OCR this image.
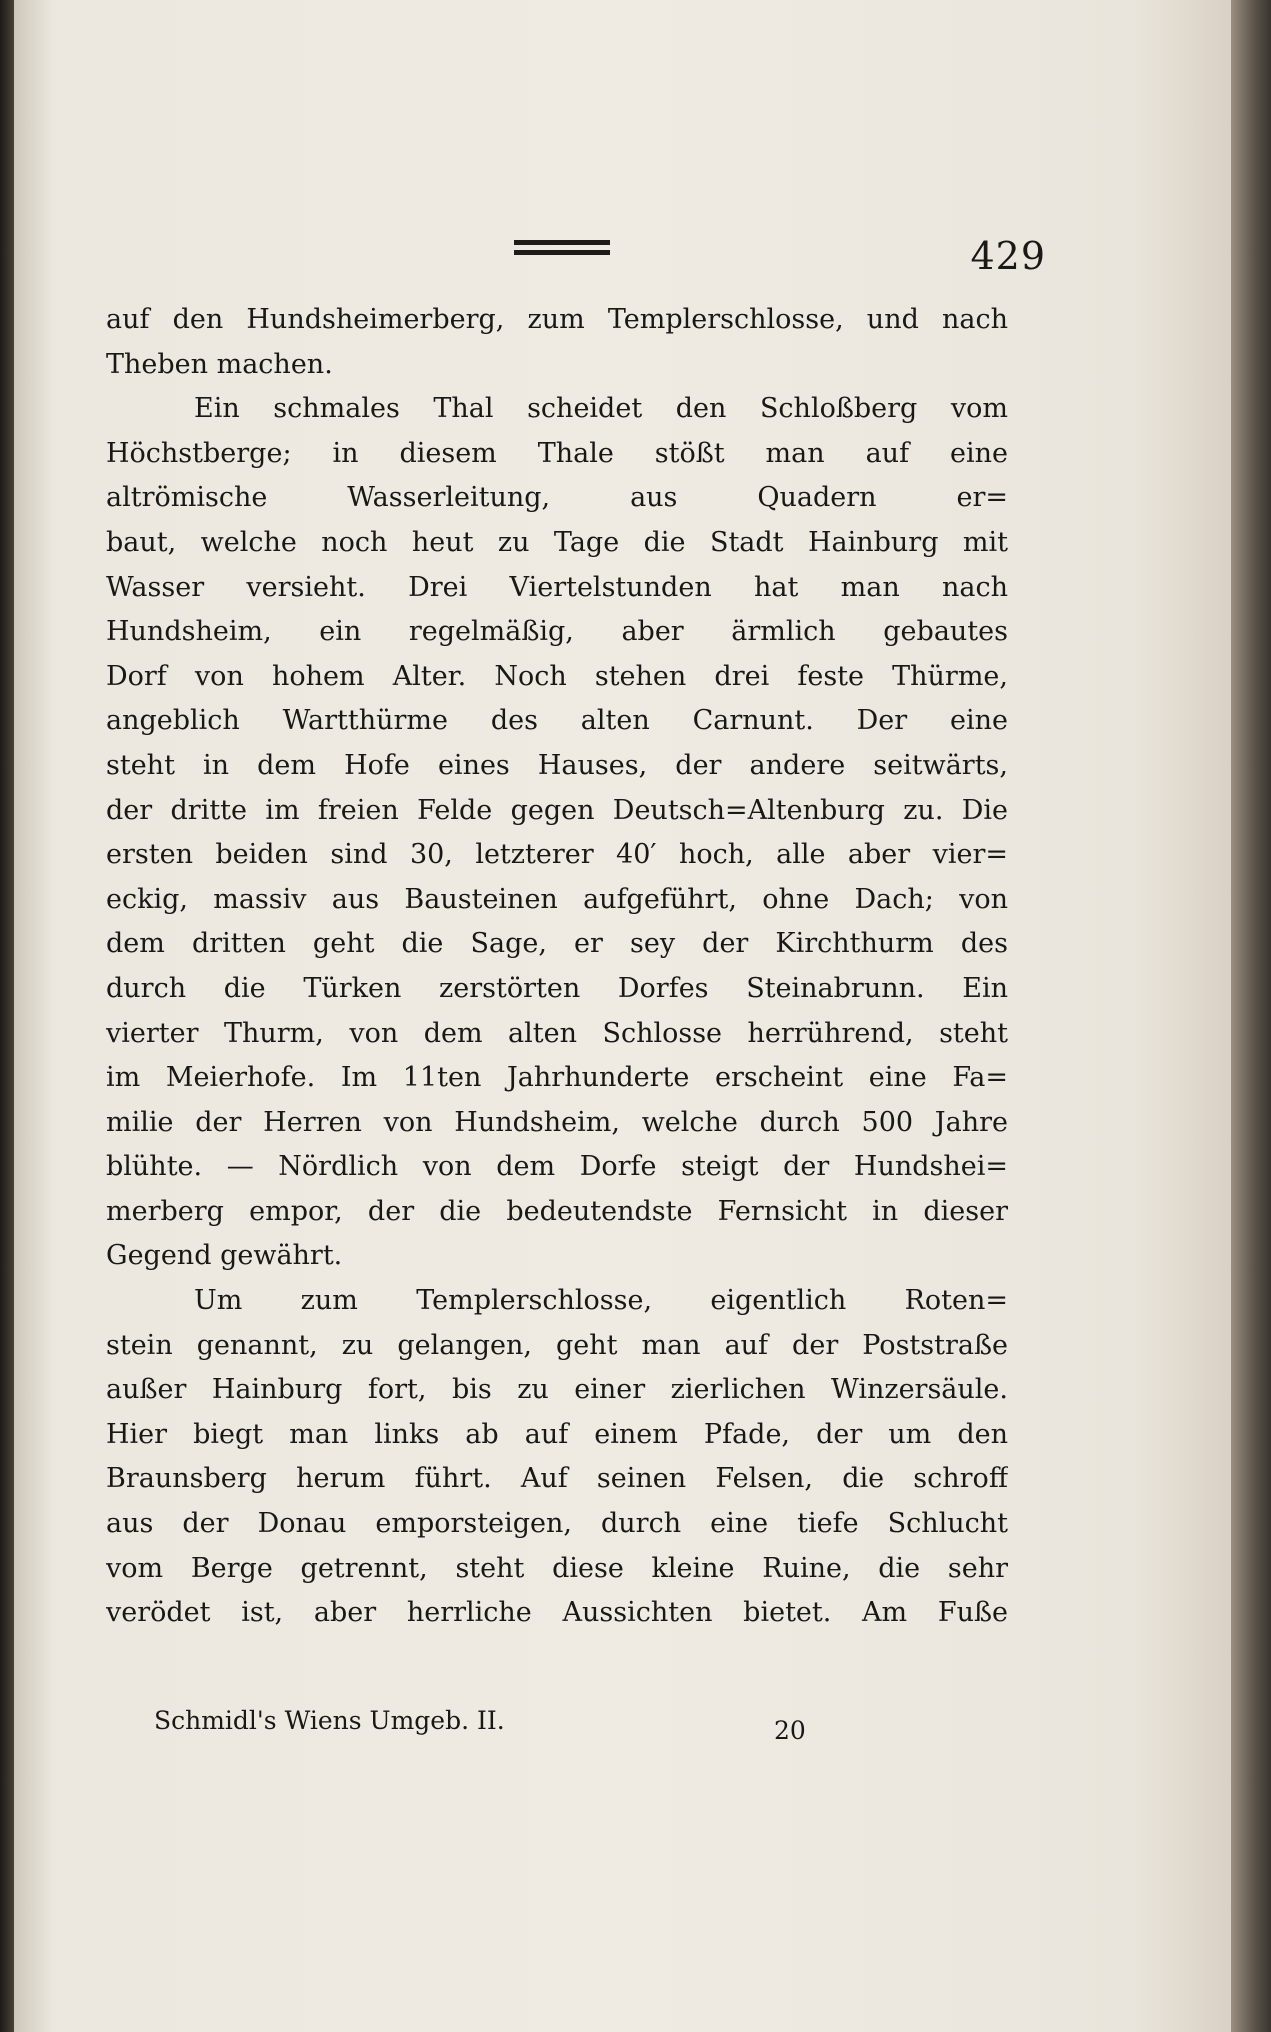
429
auf den Hundsheimerberg, zum Templerschlosse, und nach
Theben machen.
Ein schmales Thal scheidet den Schloßberg vom
Höchstberge; in diesem Thale stößt man auf eine
altrömische Wasserleitung, aus Quadern er=
baut, welche noch heut zu Tage die Stadt Hainburg mit
Wasser versieht. Drei Viertelstunden hat man nach
Hundsheim, ein regelmäßig, aber ärmlich gebautes
Dorf von hohem Alter. Noch stehen drei feste Thürme,
angeblich Wartthürme des alten Carnunt. Der eine
steht in dem Hofe eines Hauses, der andere seitwärts,
der dritte im freien Felde gegen Deutsch=Altenburg zu. Die
ersten beiden sind 30, letzterer 40′ hoch, alle aber vier=
eckig, massiv aus Bausteinen aufgeführt, ohne Dach; von
dem dritten geht die Sage, er sey der Kirchthurm des
durch die Türken zerstörten Dorfes Steinabrunn. Ein
vierter Thurm, von dem alten Schlosse herrührend, steht
im Meierhofe. Im 11ten Jahrhunderte erscheint eine Fa=
milie der Herren von Hundsheim, welche durch 500 Jahre
blühte. — Nördlich von dem Dorfe steigt der Hundshei=
merberg empor, der die bedeutendste Fernsicht in dieser
Gegend gewährt.
Um zum Templerschlosse, eigentlich Roten=
stein genannt, zu gelangen, geht man auf der Poststraße
außer Hainburg fort, bis zu einer zierlichen Winzersäule.
Hier biegt man links ab auf einem Pfade, der um den
Braunsberg herum führt. Auf seinen Felsen, die schroff
aus der Donau emporsteigen, durch eine tiefe Schlucht
vom Berge getrennt, steht diese kleine Ruine, die sehr
verödet ist, aber herrliche Aussichten bietet. Am Fuße
Schmidl's Wiens Umgeb. II.	20
